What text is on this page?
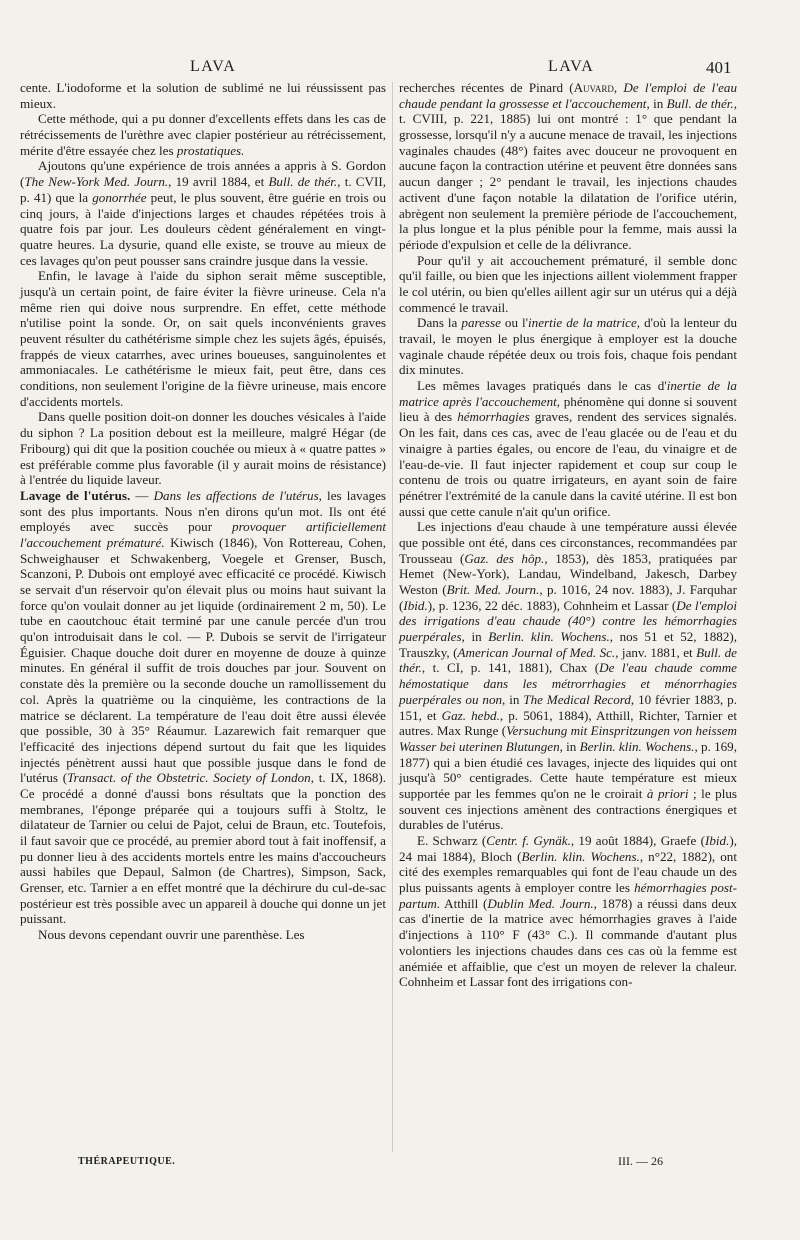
LAVA	LAVA	401

cente. L'iodoforme et la solution de sublimé ne lui réussissent pas mieux.

Cette méthode, qui a pu donner d'excellents effets dans les cas de rétrécissements de l'urèthre avec clapier postérieur au rétrécissement, mérite d'être essayée chez les prostatiques.

Ajoutons qu'une expérience de trois années a appris à S. Gordon (The New-York Med. Journ., 19 avril 1884, et Bull. de thér., t. CVII, p. 41) que la gonorrhée peut, le plus souvent, être guérie en trois ou cinq jours, à l'aide d'injections larges et chaudes répétées trois à quatre fois par jour. Les douleurs cèdent généralement en vingt-quatre heures. La dysurie, quand elle existe, se trouve au mieux de ces lavages qu'on peut pousser sans craindre jusque dans la vessie.

Enfin, le lavage à l'aide du siphon serait même susceptible, jusqu'à un certain point, de faire éviter la fièvre urineuse. Cela n'a même rien qui doive nous surprendre. En effet, cette méthode n'utilise point la sonde. Or, on sait quels inconvénients graves peuvent résulter du cathétérisme simple chez les sujets âgés, épuisés, frappés de vieux catarrhes, avec urines boueuses, sanguinolentes et ammoniacales. Le cathétérisme le mieux fait, peut être, dans ces conditions, non seulement l'origine de la fièvre urineuse, mais encore d'accidents mortels.

Dans quelle position doit-on donner les douches vésicales à l'aide du siphon ? La position debout est la meilleure, malgré Hégar (de Fribourg) qui dit que la position couchée ou mieux à « quatre pattes » est préférable comme plus favorable (il y aurait moins de résistance) à l'entrée du liquide laveur.

Lavage de l'utérus. — Dans les affections de l'utérus, les lavages sont des plus importants. Nous n'en dirons qu'un mot. Ils ont été employés avec succès pour provoquer artificiellement l'accouchement prématuré. Kiwisch (1846), Von Rottereau, Cohen, Schweighauser et Schwakenberg, Voegele et Grenser, Busch, Scanzoni, P. Dubois ont employé avec efficacité ce procédé. Kiwisch se servait d'un réservoir qu'on élevait plus ou moins haut suivant la force qu'on voulait donner au jet liquide (ordinairement 2 m, 50). Le tube en caoutchouc était terminé par une canule percée d'un trou qu'on introduisait dans le col. — P. Dubois se servit de l'irrigateur Éguisier. Chaque douche doit durer en moyenne de douze à quinze minutes. En général il suffit de trois douches par jour. Souvent on constate dès la première ou la seconde douche un ramollissement du col. Après la quatrième ou la cinquième, les contractions de la matrice se déclarent. La température de l'eau doit être aussi élevée que possible, 30 à 35° Réaumur. Lazarewich fait remarquer que l'efficacité des injections dépend surtout du fait que les liquides injectés pénètrent aussi haut que possible jusque dans le fond de l'utérus (Transact. of the Obstetric. Society of London, t. IX, 1868). Ce procédé a donné d'aussi bons résultats que la ponction des membranes, l'éponge préparée qui a toujours suffi à Stoltz, le dilatateur de Tarnier ou celui de Pajot, celui de Braun, etc. Toutefois, il faut savoir que ce procédé, au premier abord tout à fait inoffensif, a pu donner lieu à des accidents mortels entre les mains d'accoucheurs aussi habiles que Depaul, Salmon (de Chartres), Simpson, Sack, Grenser, etc. Tarnier a en effet montré que la déchirure du cul-de-sac postérieur est très possible avec un appareil à douche qui donne un jet puissant.

Nous devons cependant ouvrir une parenthèse. Les

recherches récentes de Pinard (Auvard, De l'emploi de l'eau chaude pendant la grossesse et l'accouchement, in Bull. de thér., t. CVIII, p. 221, 1885) lui ont montré : 1° que pendant la grossesse, lorsqu'il n'y a aucune menace de travail, les injections vaginales chaudes (48°) faites avec douceur ne provoquent en aucune façon la contraction utérine et peuvent être données sans aucun danger ; 2° pendant le travail, les injections chaudes activent d'une façon notable la dilatation de l'orifice utérin, abrègent non seulement la première période de l'accouchement, la plus longue et la plus pénible pour la femme, mais aussi la période d'expulsion et celle de la délivrance.

Pour qu'il y ait accouchement prématuré, il semble donc qu'il faille, ou bien que les injections aillent violemment frapper le col utérin, ou bien qu'elles aillent agir sur un utérus qui a déjà commencé le travail.

Dans la paresse ou l'inertie de la matrice, d'où la lenteur du travail, le moyen le plus énergique à employer est la douche vaginale chaude répétée deux ou trois fois, chaque fois pendant dix minutes.

Les mêmes lavages pratiqués dans le cas d'inertie de la matrice après l'accouchement, phénomène qui donne si souvent lieu à des hémorrhagies graves, rendent des services signalés. On les fait, dans ces cas, avec de l'eau glacée ou de l'eau et du vinaigre à parties égales, ou encore de l'eau, du vinaigre et de l'eau-de-vie. Il faut injecter rapidement et coup sur coup le contenu de trois ou quatre irrigateurs, en ayant soin de faire pénétrer l'extrémité de la canule dans la cavité utérine. Il est bon aussi que cette canule n'ait qu'un orifice.

Les injections d'eau chaude à une température aussi élevée que possible ont été, dans ces circonstances, recommandées par Trousseau (Gaz. des hôp., 1853), dès 1853, pratiquées par Hemet (New-York), Landau, Windelband, Jakesch, Darbey Weston (Brit. Med. Journ., p. 1016, 24 nov. 1883), J. Farquhar (Ibid.), p. 1236, 22 déc. 1883), Cohnheim et Lassar (De l'emploi des irrigations d'eau chaude (40°) contre les hémorrhagies puerpérales, in Berlin. klin. Wochens., nos 51 et 52, 1882), Trauszky, (American Journal of Med. Sc., janv. 1881, et Bull. de thér., t. CI, p. 141, 1881), Chax (De l'eau chaude comme hémostatique dans les métrorrhagies et ménorrhagies puerpérales ou non, in The Medical Record, 10 février 1883, p. 151, et Gaz. hebd., p. 5061, 1884), Atthill, Richter, Tarnier et autres. Max Runge (Versuchung mit Einspritzungen von heissem Wasser bei uterinen Blutungen, in Berlin. klin. Wochens., p. 169, 1877) qui a bien étudié ces lavages, injecte des liquides qui ont jusqu'à 50° centigrades. Cette haute température est mieux supportée par les femmes qu'on ne le croirait à priori ; le plus souvent ces injections amènent des contractions énergiques et durables de l'utérus.

E. Schwarz (Centr. f. Gynäk., 19 août 1884), Graefe (Ibid.), 24 mai 1884), Bloch (Berlin. klin. Wochens., n°22, 1882), ont cité des exemples remarquables qui font de l'eau chaude un des plus puissants agents à employer contre les hémorrhagies post-partum. Atthill (Dublin Med. Journ., 1878) a réussi dans deux cas d'inertie de la matrice avec hémorrhagies graves à l'aide d'injections à 110° F (43° C.). Il commande d'autant plus volontiers les injections chaudes dans ces cas où la femme est anémiée et affaiblie, que c'est un moyen de relever la chaleur. Cohnheim et Lassar font des irrigations con-

THÉRAPEUTIQUE.	III. — 26
